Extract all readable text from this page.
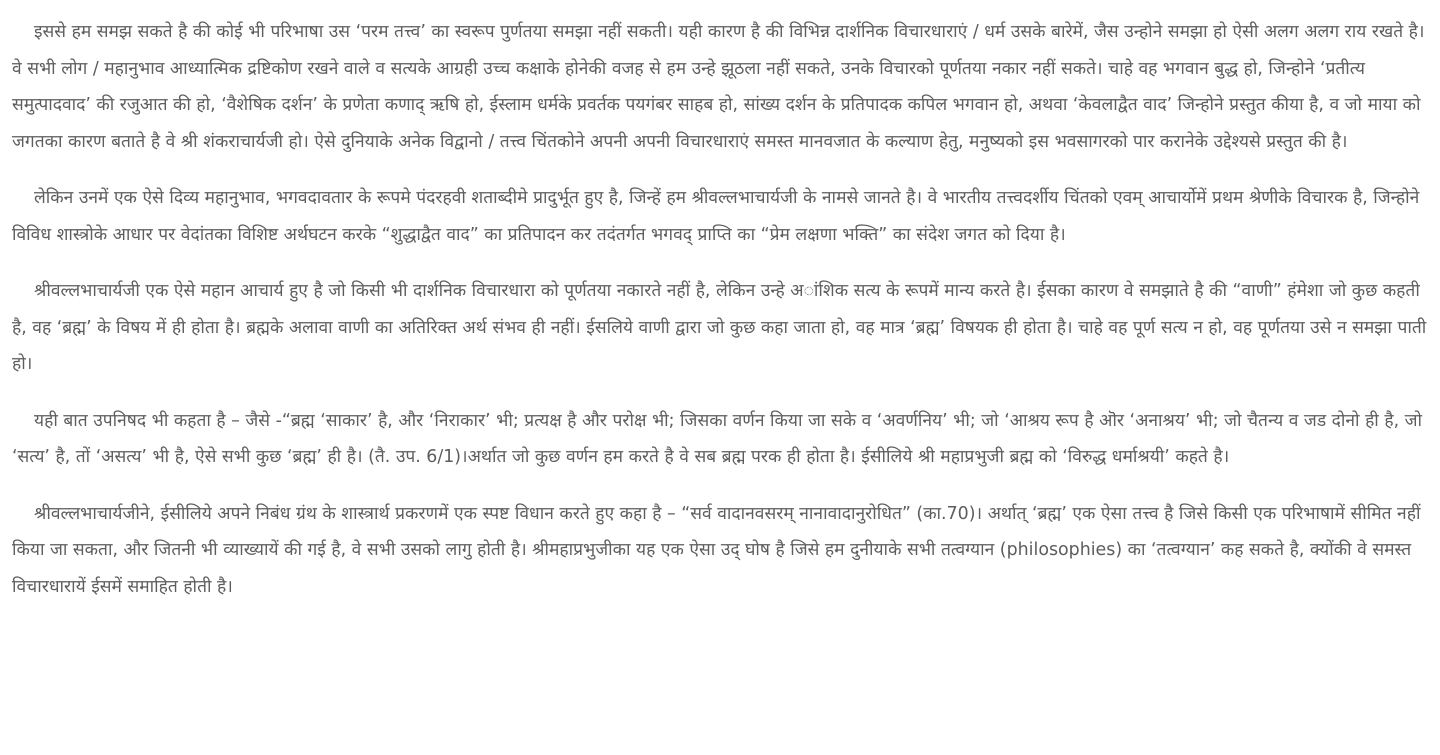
इससे हम समझ सकते है की कोई भी परिभाषा उस ‘परम तत्त्व’ का स्वरूप पुर्णतया समझा नहीं सकती। यही कारण है की विभिन्न दार्शनिक विचारधाराएं / धर्म उसके बारेमें, जैस उन्होने समझा हो ऐसी अलग अलग राय रखते है। वे सभी लोग / महानुभाव आध्यात्मिक द्रष्टिकोण रखने वाले व सत्यके आग्रही उच्च कक्षाके होनेकी वजह से हम उन्हे झूठला नहीं सकते, उनके विचारको पूर्णतया नकार नहीं सकते। चाहे वह भगवान बुद्ध हो, जिन्होने ‘प्रतीत्य समुत्पादवाद’ की रजुआत की हो, ‘वैशेषिक दर्शन’ के प्रणेता कणाद् ऋषि हो, ईस्लाम धर्मके प्रवर्तक पयगंबर साहब हो, सांख्य दर्शन के प्रतिपादक कपिल भगवान हो, अथवा ‘केवलाद्वैत वाद’ जिन्होने प्रस्तुत कीया है, व जो माया को जगतका कारण बताते है वे श्री शंकराचार्यजी हो। ऐसे दुनियाके अनेक विद्वानो / तत्त्व चिंतकोने अपनी अपनी विचारधाराएं समस्त मानवजात के कल्याण हेतु, मनुष्यको इस भवसागरको पार करानेके उद्देश्यसे प्रस्तुत की है।

लेकिन उनमें एक ऐसे दिव्य महानुभाव, भगवदावतार के रूपमे पंदरहवी शताब्दीमे प्रादुर्भूत हुए है, जिन्हें हम श्रीवल्लभाचार्यजी के नामसे जानते है। वे भारतीय तत्त्वदर्शीय चिंतको एवम् आचार्योमें प्रथम श्रेणीके विचारक है, जिन्होने विविध शास्त्रोके आधार पर वेदांतका विशिष्ट अर्थघटन करके “शुद्धाद्वैत वाद” का प्रतिपादन कर तदंतर्गत भगवद् प्राप्ति का “प्रेम लक्षणा भक्ति” का संदेश जगत को दिया है।

श्रीवल्लभाचार्यजी एक ऐसे महान आचार्य हुए है जो किसी भी दार्शनिक विचारधारा को पूर्णतया नकारते नहीं है, लेकिन उन्हे अांशिक सत्य के रूपमें मान्य करते है। ईसका कारण वे समझाते है की “वाणी” हंमेशा जो कुछ कहती है, वह ‘ब्रह्म’ के विषय में ही होता है। ब्रह्मके अलावा वाणी का अतिरिक्त अर्थ संभव ही नहीं। ईसलिये वाणी द्वारा जो कुछ कहा जाता हो, वह मात्र ‘ब्रह्म’ विषयक ही होता है। चाहे वह पूर्ण सत्य न हो, वह पूर्णतया उसे न समझा पाती हो।

यही बात उपनिषद भी कहता है – जैसे -“ब्रह्म ‘साकार’ है, और ‘निराकार’ भी; प्रत्यक्ष है और परोक्ष भी; जिसका वर्णन किया जा सके व ‘अवर्णनिय’ भी; जो ‘आश्रय रूप है ऒर ‘अनाश्रय’ भी; जो चैतन्य व जड दोनो ही है, जो ‘सत्य’ है, तों ‘असत्य’ भी है, ऐसे सभी कुछ ‘ब्रह्म’ ही है। (तै. उप. 6/1)।अर्थात जो कुछ वर्णन हम करते है वे सब ब्रह्म परक ही होता है। ईसीलिये श्री महाप्रभुजी ब्रह्म को ‘विरुद्ध धर्माश्रयी’ कहते है।

श्रीवल्लभाचार्यजीने, ईसीलिये अपने निबंध ग्रंथ के शास्त्रार्थ प्रकरणमें एक स्पष्ट विधान करते हुए कहा है – “सर्व वादानवसरम् नानावादानुरोधित” (का.70)। अर्थात् ‘ब्रह्म’ एक ऐसा तत्त्व है जिसे किसी एक परिभाषामें सीमित नहीं किया जा सकता, और जितनी भी व्याख्यायें की गई है, वे सभी उसको लागु होती है। श्रीमहाप्रभुजीका यह एक ऐसा उद् घोष है जिसे हम दुनीयाके सभी तत्वग्यान (philosophies) का ‘तत्वग्यान’ कह सकते है, क्योंकी वे समस्त विचारधारायें ईसमें समाहित होती है।
